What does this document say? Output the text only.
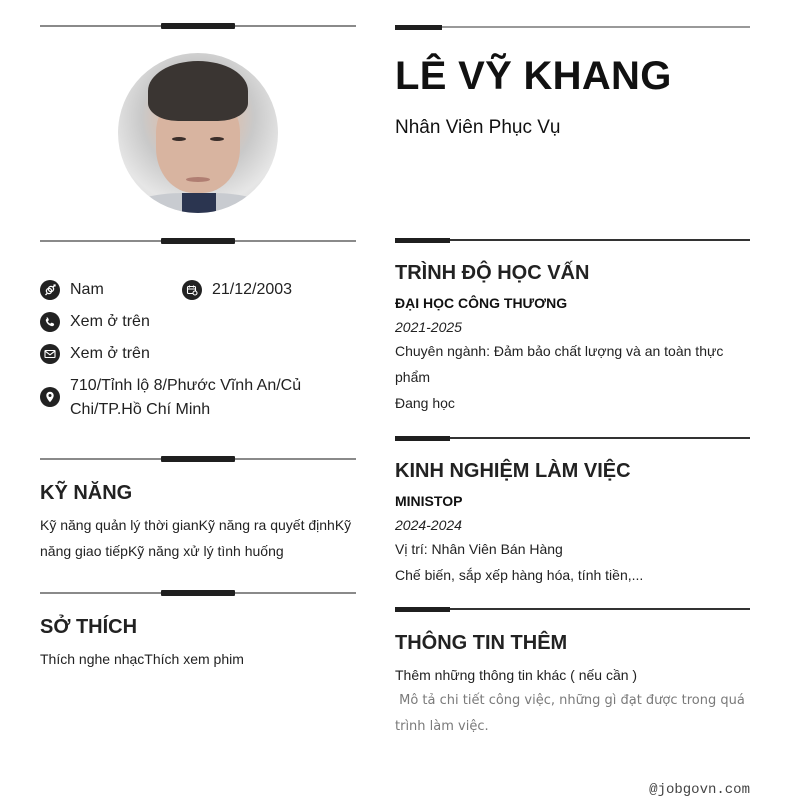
Nam	21/12/2003
Xem ở trên
Xem ở trên
710/Tỉnh lộ 8/Phước Vĩnh An/Củ
Chi/TP.Hồ Chí Minh
KỸ NĂNG
Kỹ năng quản lý thời gianKỹ năng ra quyết địnhKỹ
năng giao tiếpKỹ năng xử lý tình huống
SỞ THÍCH
Thích nghe nhạcThích xem phim
LÊ VỸ KHANG
Nhân Viên Phục Vụ
TRÌNH ĐỘ HỌC VẤN
ĐẠI HỌC CÔNG THƯƠNG
2021-2025
Chuyên ngành: Đảm bảo chất lượng và an toàn thực
phẩm
Đang học
KINH NGHIỆM LÀM VIỆC
MINISTOP
2024-2024
Vị trí: Nhân Viên Bán Hàng
Chế biến, sắp xếp hàng hóa, tính tiền,...
THÔNG TIN THÊM
Thêm những thông tin khác ( nếu cần )
Mô tả chi tiết công việc, những gì đạt được trong quá
trình làm việc.
@jobgovn.com
